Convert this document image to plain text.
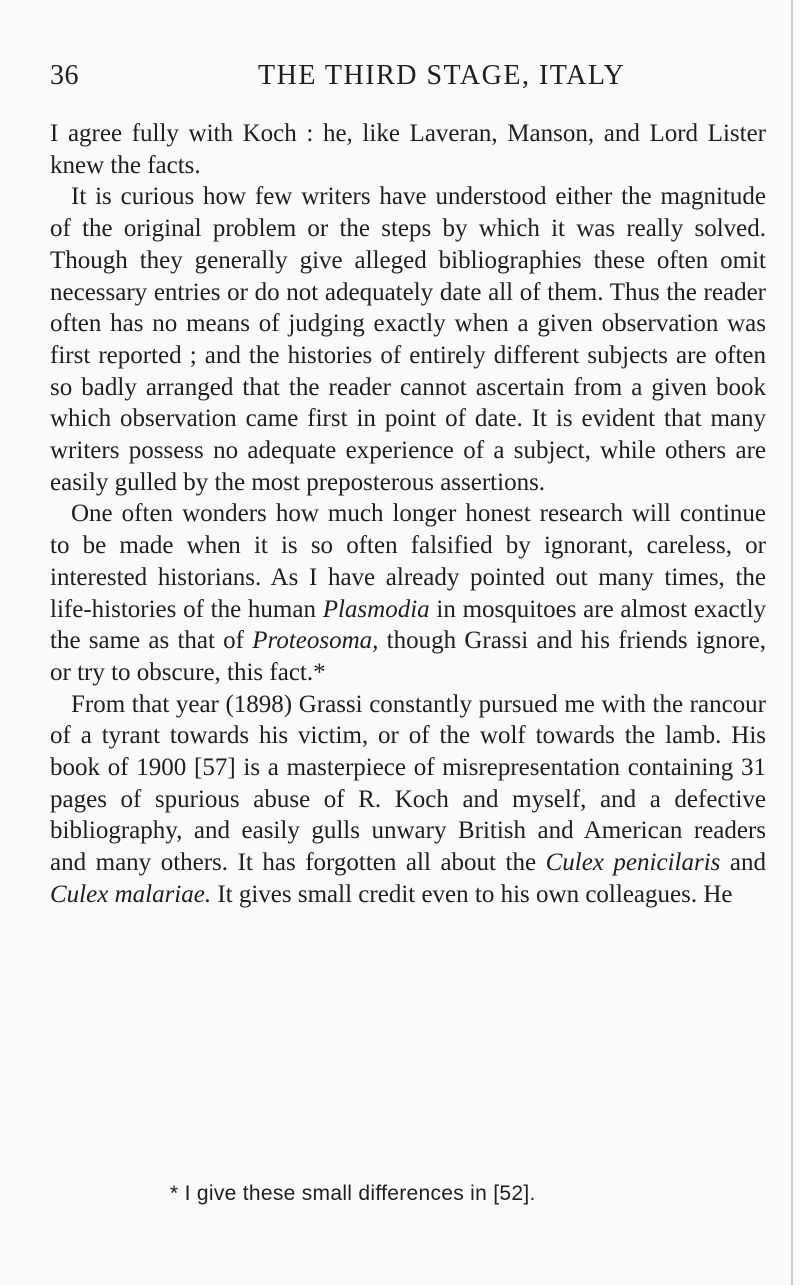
36	THE THIRD STAGE, ITALY

I agree fully with Koch : he, like Laveran, Manson, and Lord Lister knew the facts.

It is curious how few writers have understood either the magnitude of the original problem or the steps by which it was really solved. Though they generally give alleged bibliographies these often omit necessary entries or do not adequately date all of them. Thus the reader often has no means of judging exactly when a given observation was first reported ; and the histories of entirely different subjects are often so badly arranged that the reader cannot ascertain from a given book which observation came first in point of date. It is evident that many writers possess no adequate experience of a subject, while others are easily gulled by the most preposterous assertions.

One often wonders how much longer honest research will continue to be made when it is so often falsified by ignorant, careless, or interested historians. As I have already pointed out many times, the life-histories of the human Plasmodia in mosquitoes are almost exactly the same as that of Proteosoma, though Grassi and his friends ignore, or try to obscure, this fact.*

From that year (1898) Grassi constantly pursued me with the rancour of a tyrant towards his victim, or of the wolf towards the lamb. His book of 1900 [57] is a masterpiece of misrepresentation containing 31 pages of spurious abuse of R. Koch and myself, and a defective bibliography, and easily gulls unwary British and American readers and many others. It has forgotten all about the Culex penicilaris and Culex malariae. It gives small credit even to his own colleagues. He

* I give these small differences in [52].
